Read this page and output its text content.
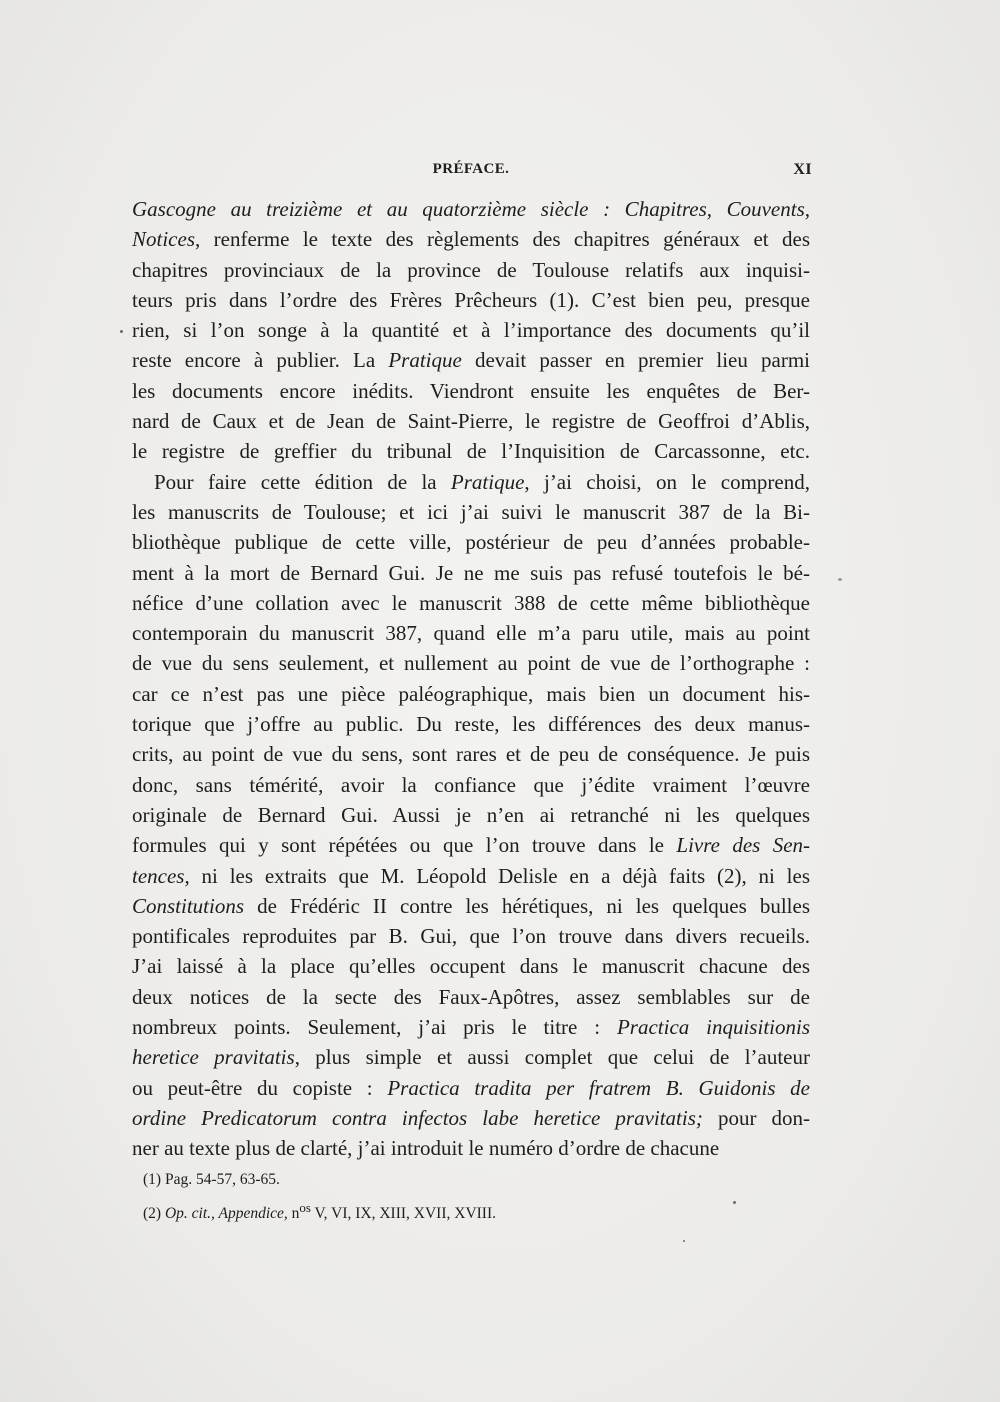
PRÉFACE.	XI
Gascogne au treizième et au quatorzième siècle : Chapitres, Couvents,
Notices, renferme le texte des règlements des chapitres généraux et des
chapitres provinciaux de la province de Toulouse relatifs aux inquisi-
teurs pris dans l’ordre des Frères Prêcheurs (1). C’est bien peu, presque
rien, si l’on songe à la quantité et à l’importance des documents qu’il
reste encore à publier. La Pratique devait passer en premier lieu parmi
les documents encore inédits. Viendront ensuite les enquêtes de Ber-
nard de Caux et de Jean de Saint-Pierre, le registre de Geoffroi d’Ablis,
le registre de greffier du tribunal de l’Inquisition de Carcassonne, etc.
Pour faire cette édition de la Pratique, j’ai choisi, on le comprend,
les manuscrits de Toulouse; et ici j’ai suivi le manuscrit 387 de la Bi-
bliothèque publique de cette ville, postérieur de peu d’années probable-
ment à la mort de Bernard Gui. Je ne me suis pas refusé toutefois le bé-
néfice d’une collation avec le manuscrit 388 de cette même bibliothèque
contemporain du manuscrit 387, quand elle m’a paru utile, mais au point
de vue du sens seulement, et nullement au point de vue de l’orthographe :
car ce n’est pas une pièce paléographique, mais bien un document his-
torique que j’offre au public. Du reste, les différences des deux manus-
crits, au point de vue du sens, sont rares et de peu de conséquence. Je puis
donc, sans témérité, avoir la confiance que j’édite vraiment l’œuvre
originale de Bernard Gui. Aussi je n’en ai retranché ni les quelques
formules qui y sont répétées ou que l’on trouve dans le Livre des Sen-
tences, ni les extraits que M. Léopold Delisle en a déjà faits (2), ni les
Constitutions de Frédéric II contre les hérétiques, ni les quelques bulles
pontificales reproduites par B. Gui, que l’on trouve dans divers recueils.
J’ai laissé à la place qu’elles occupent dans le manuscrit chacune des
deux notices de la secte des Faux-Apôtres, assez semblables sur de
nombreux points. Seulement, j’ai pris le titre : Practica inquisitionis
heretice pravitatis, plus simple et aussi complet que celui de l’auteur
ou peut-être du copiste : Practica tradita per fratrem B. Guidonis de
ordine Predicatorum contra infectos labe heretice pravitatis; pour don-
ner au texte plus de clarté, j’ai introduit le numéro d’ordre de chacune
(1) Pag. 54-57, 63-65.
(2) Op. cit., Appendice, $n^{os}$ V, VI, IX, XIII, XVII, XVIII.
